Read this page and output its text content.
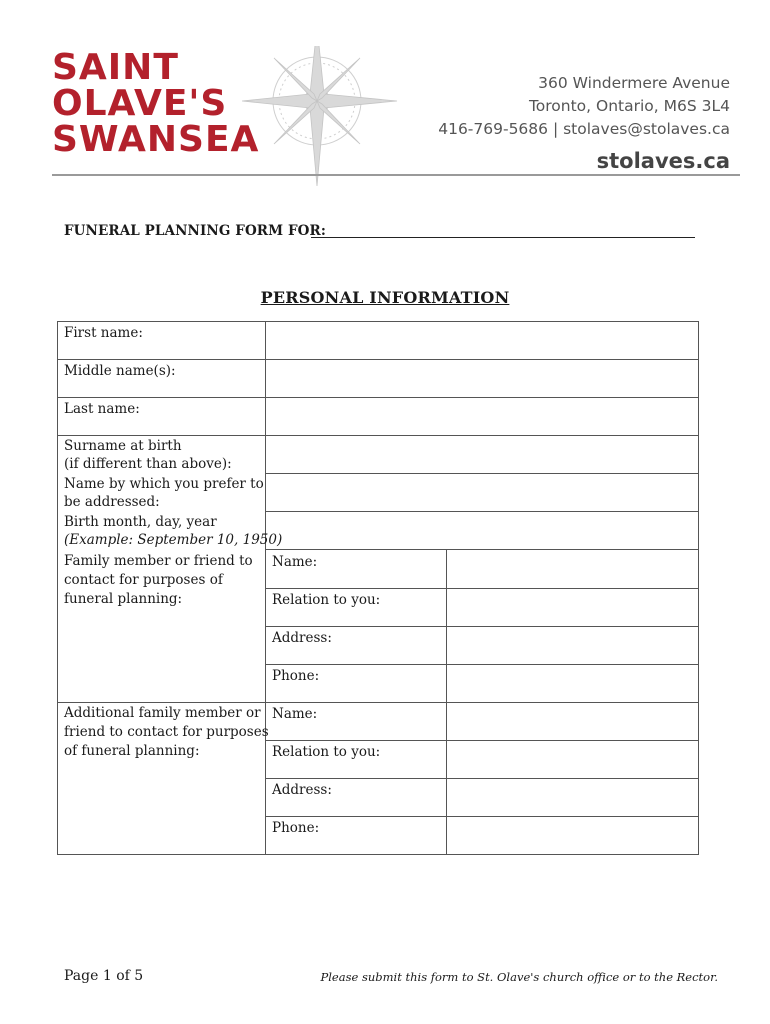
SAINT
OLAVE'S
SWANSEA
360 Windermere Avenue
Toronto, Ontario, M6S 3L4
416-769-5686 | stolaves@stolaves.ca
stolaves.ca
FUNERAL PLANNING FORM FOR:
PERSONAL INFORMATION
First name:
Middle name(s):
Last name:
Surname at birth
(if different than above):
Name by which you prefer to
be addressed:
Birth month, day, year
(Example: September 10, 1950)
Family member or friend to
contact for purposes of
funeral planning:
Name:
Relation to you:
Address:
Phone:
Additional family member or
friend to contact for purposes
of funeral planning:
Name:
Relation to you:
Address:
Phone:
Page 1 of 5	Please submit this form to St. Olave's church office or to the Rector.
